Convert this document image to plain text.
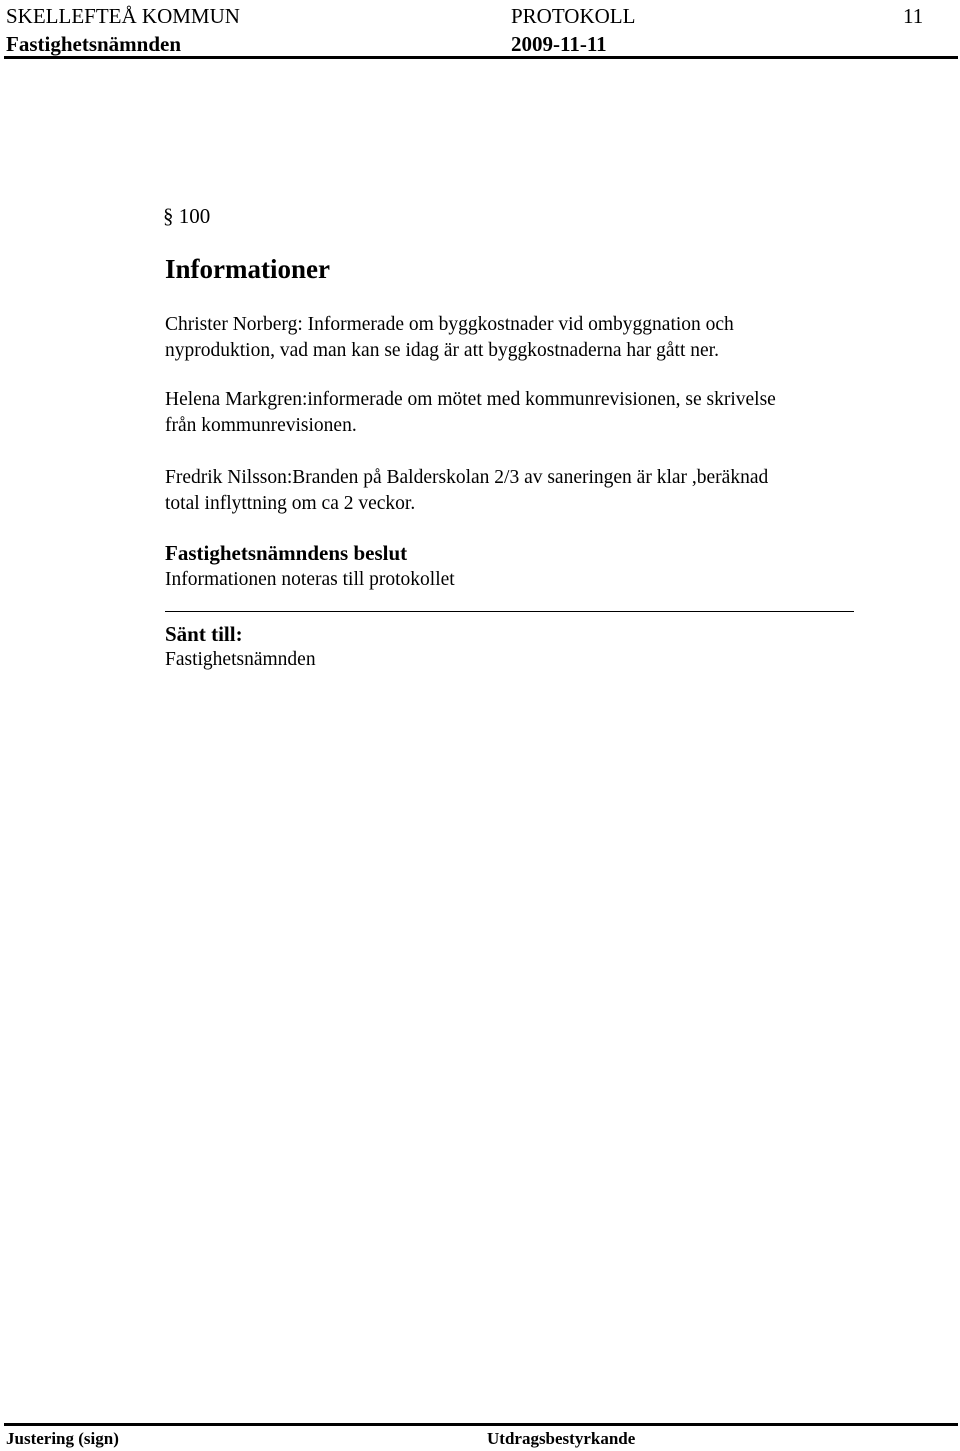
SKELLEFTEÅ KOMMUN
Fastighetsnämnden
PROTOKOLL
2009-11-11
11
§ 100
Informationer
Christer Norberg: Informerade om byggkostnader vid ombyggnation och
nyproduktion, vad man kan se idag är att byggkostnaderna har gått ner.
Helena Markgren:informerade om mötet med kommunrevisionen, se skrivelse
från kommunrevisionen.
Fredrik Nilsson:Branden på Balderskolan 2/3 av saneringen är klar ,beräknad
total inflyttning om ca 2 veckor.
Fastighetsnämndens beslut
Informationen noteras till protokollet
Sänt till:
Fastighetsnämnden
Justering (sign)	Utdragsbestyrkande
